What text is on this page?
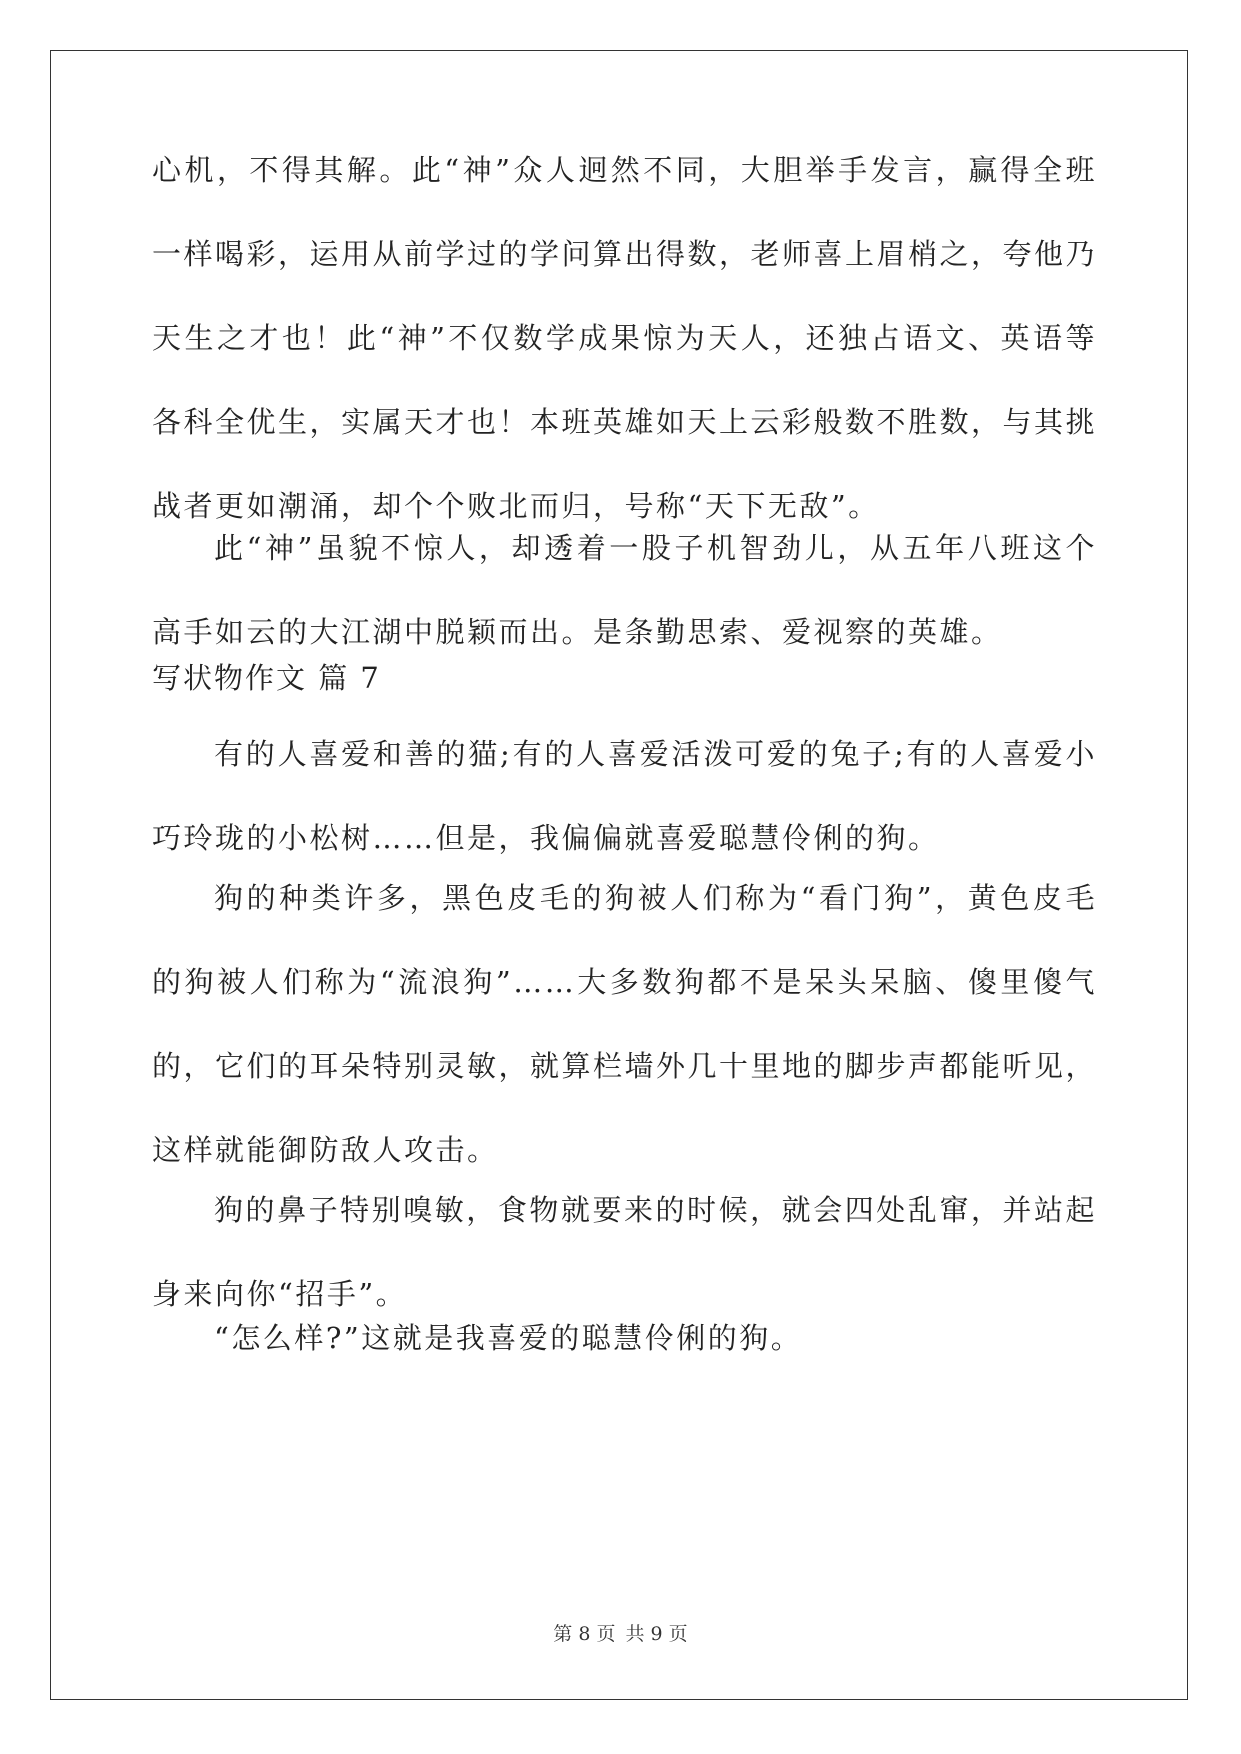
心机，不得其解。此“神”众人迥然不同，大胆举手发言，赢得全班一样喝彩，运用从前学过的学问算出得数，老师喜上眉梢之，夸他乃天生之才也！此“神”不仅数学成果惊为天人，还独占语文、英语等各科全优生，实属天才也！本班英雄如天上云彩般数不胜数，与其挑战者更如潮涌，却个个败北而归，号称“天下无敌”。

此“神”虽貌不惊人，却透着一股子机智劲儿，从五年八班这个高手如云的大江湖中脱颖而出。是条勤思索、爱视察的英雄。

写状物作文 篇 7

有的人喜爱和善的猫;有的人喜爱活泼可爱的兔子;有的人喜爱小巧玲珑的小松树……但是，我偏偏就喜爱聪慧伶俐的狗。

狗的种类许多，黑色皮毛的狗被人们称为“看门狗”，黄色皮毛的狗被人们称为“流浪狗”……大多数狗都不是呆头呆脑、傻里傻气的，它们的耳朵特别灵敏，就算栏墙外几十里地的脚步声都能听见，这样就能御防敌人攻击。

狗的鼻子特别嗅敏，食物就要来的时候，就会四处乱窜，并站起身来向你“招手”。

“怎么样?”这就是我喜爱的聪慧伶俐的狗。

第 8 页 共 9 页
